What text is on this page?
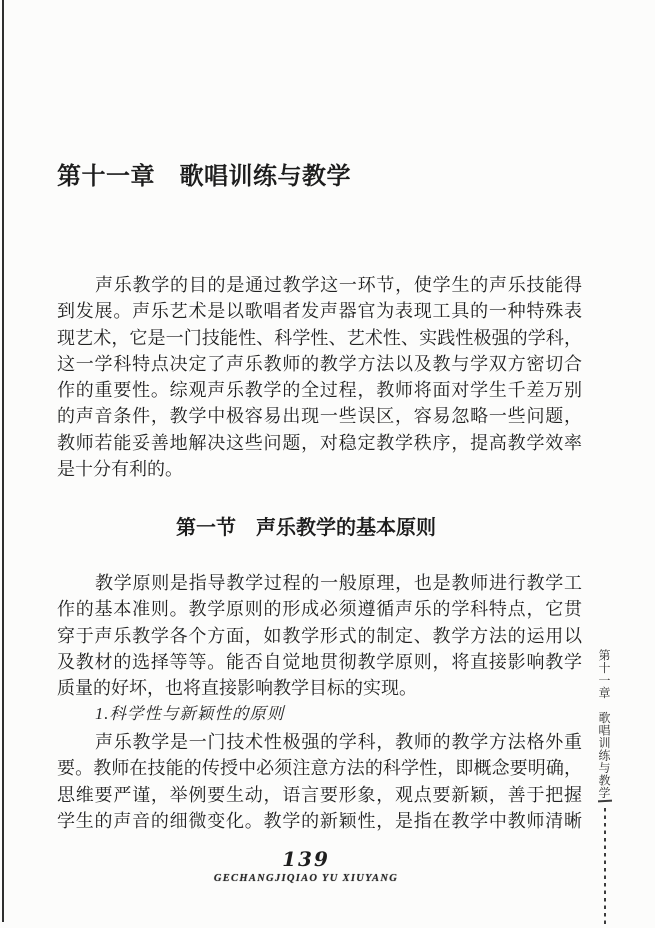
第十一章　歌唱训练与教学
声乐教学的目的是通过教学这一环节，使学生的声乐技能得
到发展。声乐艺术是以歌唱者发声器官为表现工具的一种特殊表
现艺术，它是一门技能性、科学性、艺术性、实践性极强的学科，
这一学科特点决定了声乐教师的教学方法以及教与学双方密切合
作的重要性。综观声乐教学的全过程，教师将面对学生千差万别
的声音条件，教学中极容易出现一些误区，容易忽略一些问题，
教师若能妥善地解决这些问题，对稳定教学秩序，提高教学效率
是十分有利的。
第一节　声乐教学的基本原则
教学原则是指导教学过程的一般原理，也是教师进行教学工
作的基本准则。教学原则的形成必须遵循声乐的学科特点，它贯
穿于声乐教学各个方面，如教学形式的制定、教学方法的运用以
及教材的选择等等。能否自觉地贯彻教学原则，将直接影响教学
质量的好坏，也将直接影响教学目标的实现。
1.科学性与新颖性的原则
声乐教学是一门技术性极强的学科，教师的教学方法格外重
要。教师在技能的传授中必须注意方法的科学性，即概念要明确，
思维要严谨，举例要生动，语言要形象，观点要新颖，善于把握
学生的声音的细微变化。教学的新颖性，是指在教学中教师清晰
139
GECHANGJIQIAO YU XIUYANG
第十一章　歌唱训练与教学
